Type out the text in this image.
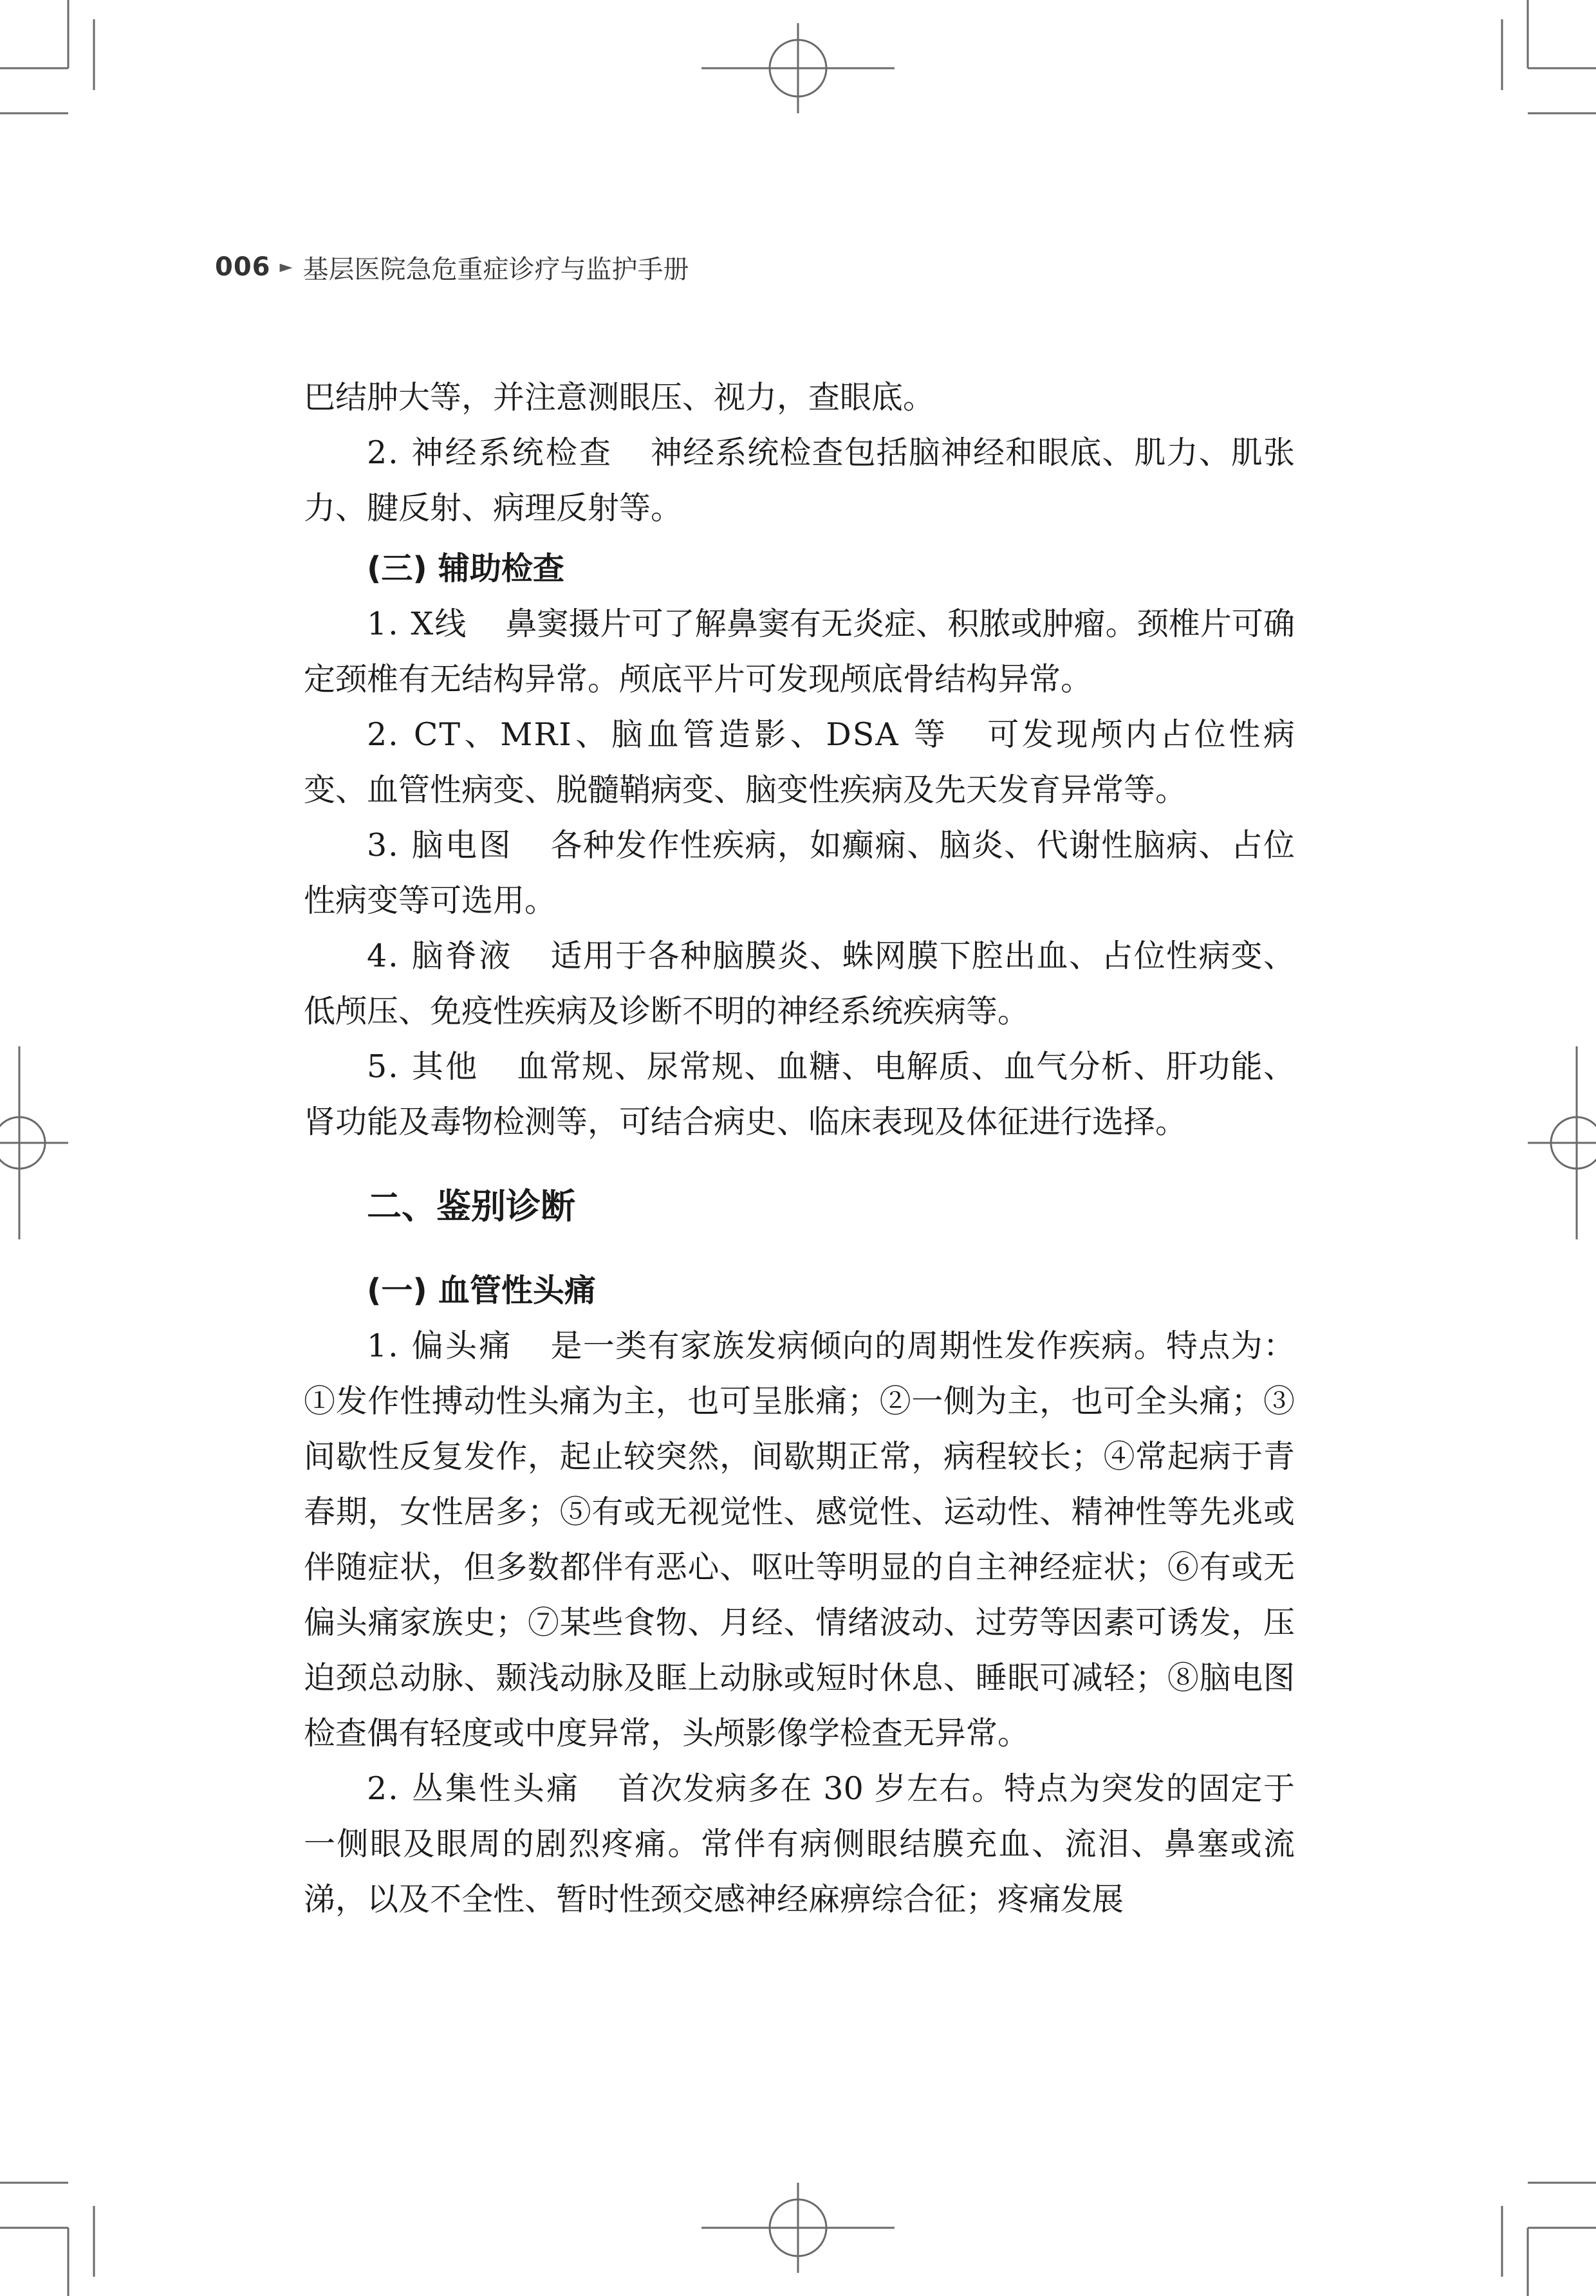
006 ► 基层医院急危重症诊疗与监护手册

巴结肿大等，并注意测眼压、视力，查眼底。

2. 神经系统检查 神经系统检查包括脑神经和眼底、肌力、肌张力、腱反射、病理反射等。

(三) 辅助检查

1. X线 鼻窦摄片可了解鼻窦有无炎症、积脓或肿瘤。颈椎片可确定颈椎有无结构异常。颅底平片可发现颅底骨结构异常。

2. CT、MRI、脑血管造影、DSA 等 可发现颅内占位性病变、血管性病变、脱髓鞘病变、脑变性疾病及先天发育异常等。

3. 脑电图 各种发作性疾病，如癫痫、脑炎、代谢性脑病、占位性病变等可选用。

4. 脑脊液 适用于各种脑膜炎、蛛网膜下腔出血、占位性病变、低颅压、免疫性疾病及诊断不明的神经系统疾病等。

5. 其他 血常规、尿常规、血糖、电解质、血气分析、肝功能、肾功能及毒物检测等，可结合病史、临床表现及体征进行选择。

二、鉴别诊断
(一) 血管性头痛

1. 偏头痛 是一类有家族发病倾向的周期性发作疾病。特点为：①发作性搏动性头痛为主，也可呈胀痛；②一侧为主，也可全头痛；③间歇性反复发作，起止较突然，间歇期正常，病程较长；④常起病于青春期，女性居多；⑤有或无视觉性、感觉性、运动性、精神性等先兆或伴随症状，但多数都伴有恶心、呕吐等明显的自主神经症状；⑥有或无偏头痛家族史；⑦某些食物、月经、情绪波动、过劳等因素可诱发，压迫颈总动脉、颞浅动脉及眶上动脉或短时休息、睡眠可减轻；⑧脑电图检查偶有轻度或中度异常，头颅影像学检查无异常。

2. 丛集性头痛 首次发病多在 30 岁左右。特点为突发的固定于一侧眼及眼周的剧烈疼痛。常伴有病侧眼结膜充血、流泪、鼻塞或流涕，以及不全性、暂时性颈交感神经麻痹综合征；疼痛发展
